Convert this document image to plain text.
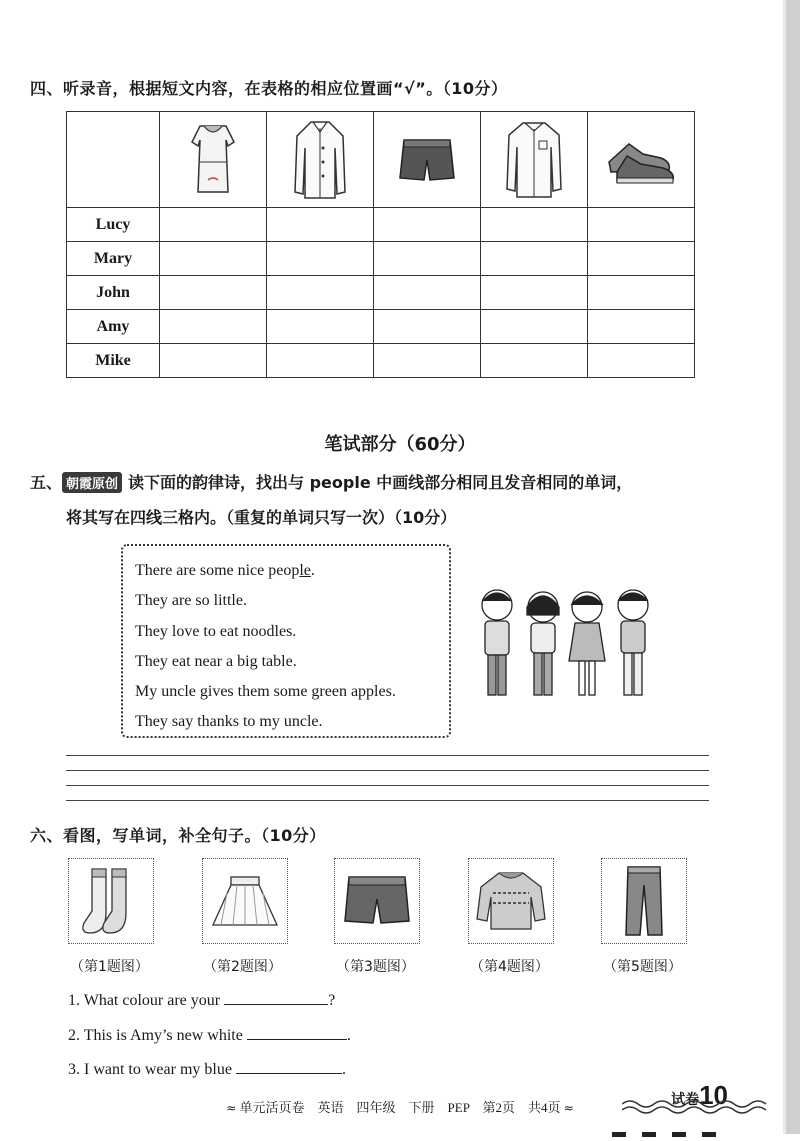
四、听录音，根据短文内容，在表格的相应位置画“√”。（10分）

Lucy					
Mary					
John					
Amy					
Mike					
笔试部分（60分）
五、 朝霞原创 读下面的韵律诗，找出与 people 中画线部分相同且发音相同的单词，
将其写在四线三格内。（重复的单词只写一次）（10分）
There are some nice people.
They are so little.
They love to eat noodles.
They eat near a big table.
My uncle gives them some green apples.
They say thanks to my uncle.
六、看图，写单词，补全句子。（10分）
（第1题图）	（第2题图）	（第3题图）	（第4题图）	（第5题图）
1. What colour are your	?
2. This is Amy’s new white	.
3. I want to wear my blue	.
≈ 单元活页卷　英语　四年级　下册　PEP　第2页　共4页 ≈	试卷10
